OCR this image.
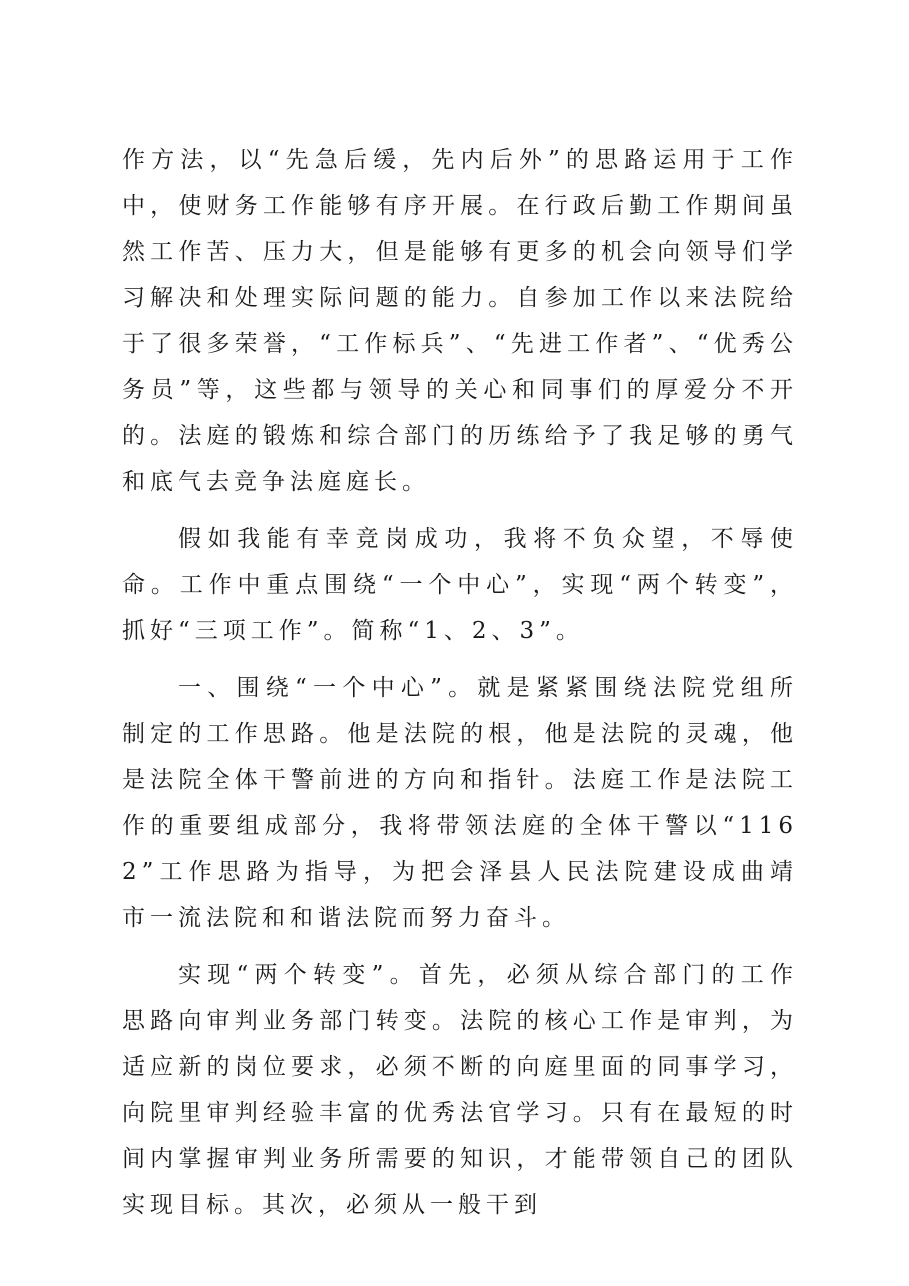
作方法，以“先急后缓，先内后外”的思路运用于工作中，使财务工作能够有序开展。在行政后勤工作期间虽然工作苦、压力大，但是能够有更多的机会向领导们学习解决和处理实际问题的能力。自参加工作以来法院给于了很多荣誉，“工作标兵”、“先进工作者”、“优秀公务员”等，这些都与领导的关心和同事们的厚爱分不开的。法庭的锻炼和综合部门的历练给予了我足够的勇气和底气去竞争法庭庭长。

假如我能有幸竞岗成功，我将不负众望，不辱使命。工作中重点围绕“一个中心”，实现“两个转变”，抓好“三项工作”。简称“1、2、3”。

一、围绕“一个中心”。就是紧紧围绕法院党组所制定的工作思路。他是法院的根，他是法院的灵魂，他是法院全体干警前进的方向和指针。法庭工作是法院工作的重要组成部分，我将带领法庭的全体干警以“1162”工作思路为指导，为把会泽县人民法院建设成曲靖市一流法院和和谐法院而努力奋斗。

实现“两个转变”。首先，必须从综合部门的工作思路向审判业务部门转变。法院的核心工作是审判，为适应新的岗位要求，必须不断的向庭里面的同事学习，向院里审判经验丰富的优秀法官学习。只有在最短的时间内掌握审判业务所需要的知识，才能带领自己的团队实现目标。其次，必须从一般干到
